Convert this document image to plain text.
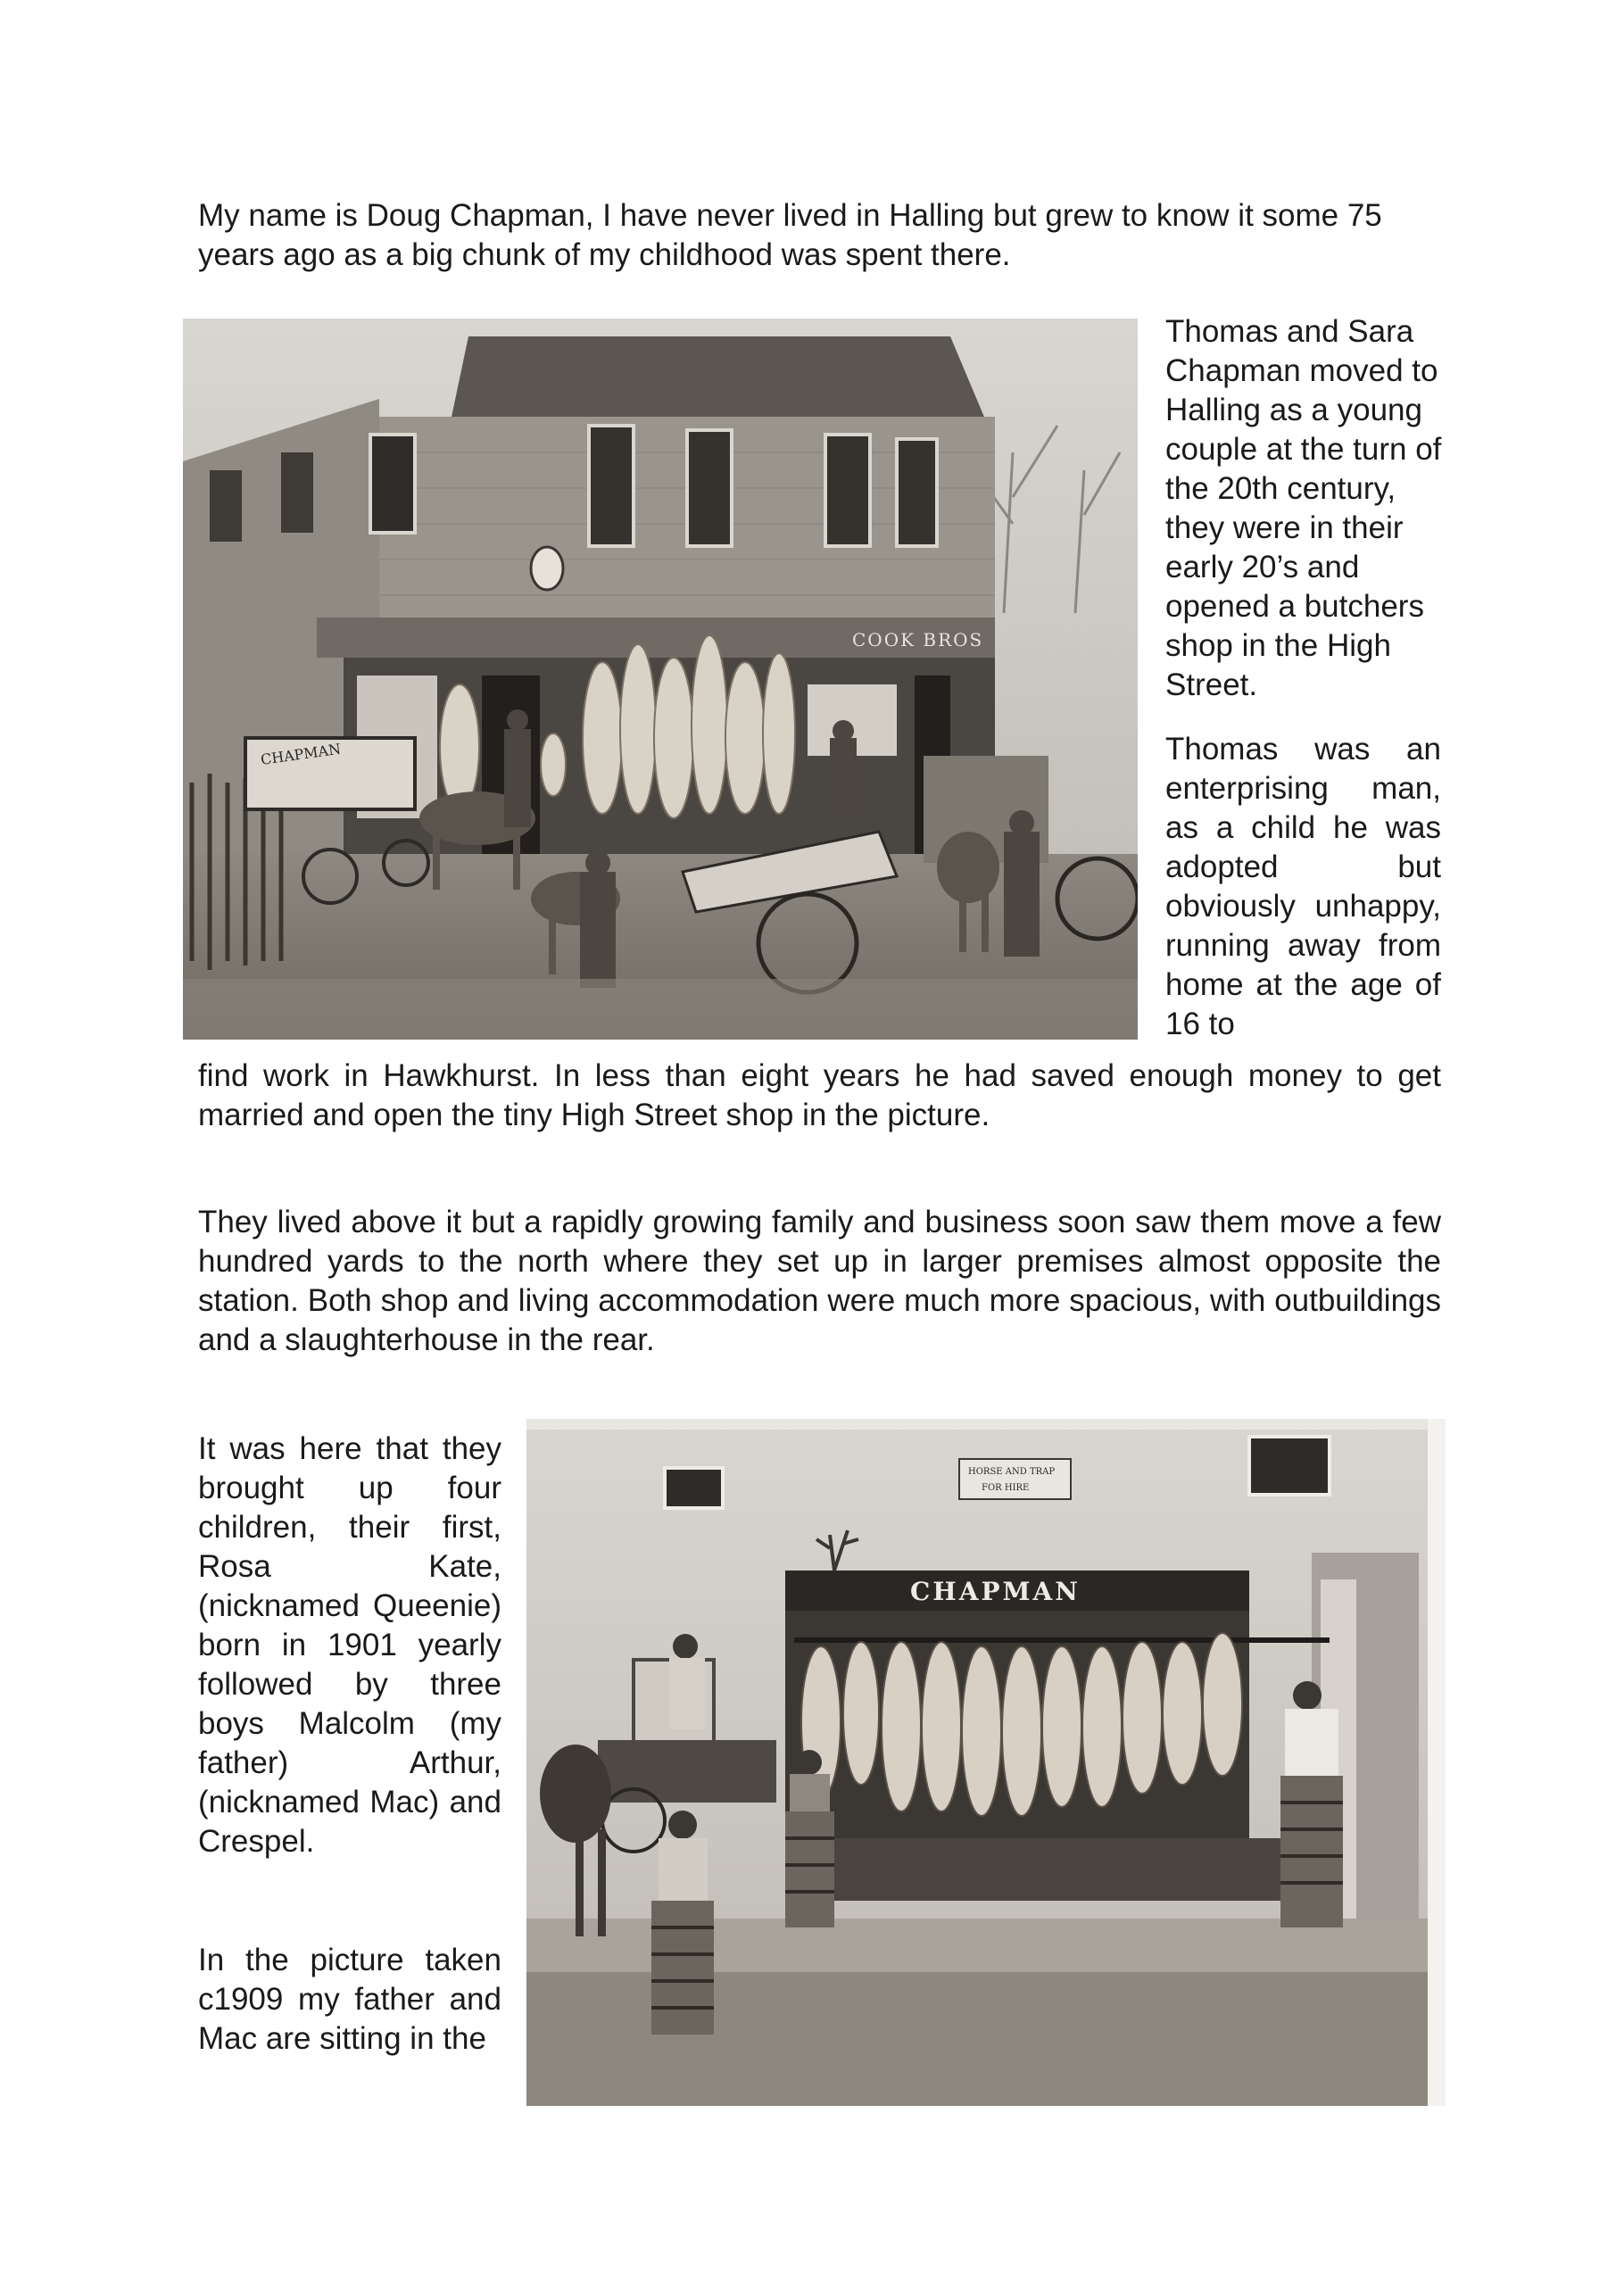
My name is Doug Chapman, I have never lived in Halling but grew to know it some 75 years ago as a big chunk of my childhood was spent there.

COOK BROS
CHAPMAN

Thomas and Sara Chapman moved to Halling as a young couple at the turn of the 20th century, they were in their early 20’s and opened a butchers shop in the High Street.

Thomas was an enterprising man, as a child he was adopted but obviously unhappy, running away from home at the age of 16 to

find work in Hawkhurst. In less than eight years he had saved enough money to get married and open the tiny High Street shop in the picture.

They lived above it but a rapidly growing family and business soon saw them move a few hundred yards to the north where they set up in larger premises almost opposite the station. Both shop and living accommodation were much more spacious, with outbuildings and a slaughterhouse in the rear.

It was here that they brought up four children, their first, Rosa Kate, (nicknamed Queenie) born in 1901 yearly followed by three boys Malcolm (my father) Arthur, (nicknamed Mac) and Crespel.

In the picture taken c1909 my father and Mac are sitting in the

HORSE AND TRAP
FOR HIRE
CHAPMAN
